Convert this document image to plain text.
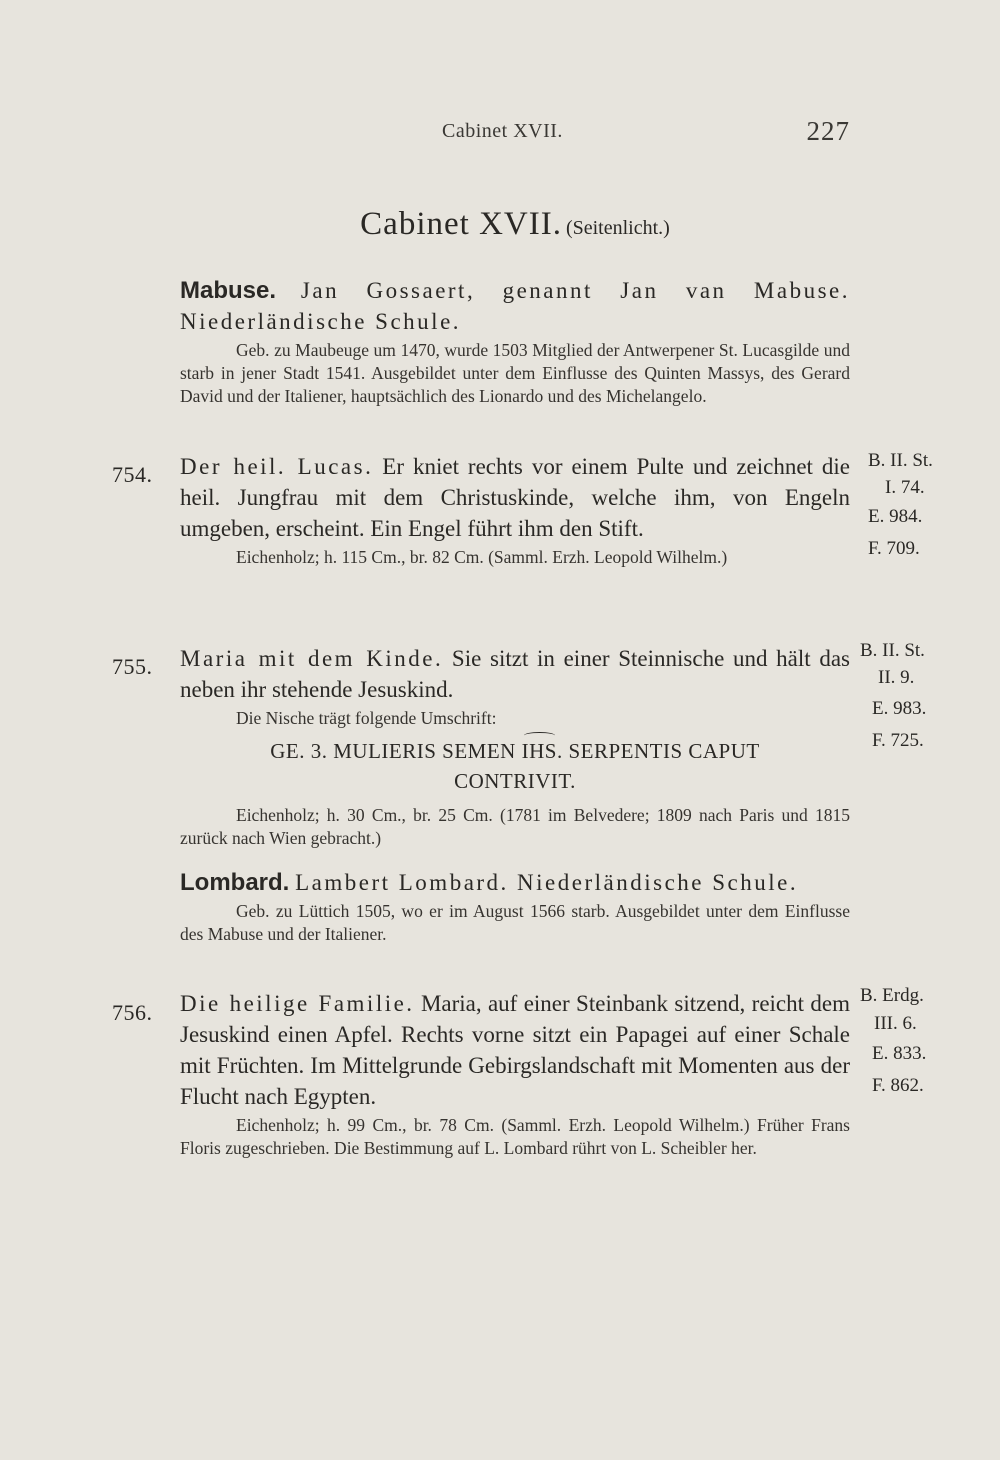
Cabinet XVII.	227
Cabinet XVII. (Seitenlicht.)

Mabuse. Jan Gossaert, genannt Jan van Mabuse. Niederländische Schule.

Geb. zu Maubeuge um 1470, wurde 1503 Mitglied der Antwerpener St. Lucasgilde und starb in jener Stadt 1541. Ausgebildet unter dem Einflusse des Quinten Massys, des Gerard David und der Italiener, hauptsächlich des Lionardo und des Michelangelo.

754. Der heil. Lucas. Er kniet rechts vor einem Pulte und zeichnet die heil. Jungfrau mit dem Christuskinde, welche ihm, von Engeln umgeben, erscheint. Ein Engel führt ihm den Stift.

Eichenholz; h. 115 Cm., br. 82 Cm. (Samml. Erzh. Leopold Wilhelm.)

B. II. St.
I. 74.
E. 984.
F. 709.
755. Maria mit dem Kinde. Sie sitzt in einer Steinnische und hält das neben ihr stehende Jesuskind.

Die Nische trägt folgende Umschrift:

GE. 3. MULIERIS SEMEN IHS. SERPENTIS CAPUT
CONTRIVIT.

Eichenholz; h. 30 Cm., br. 25 Cm. (1781 im Belvedere; 1809 nach Paris und 1815 zurück nach Wien gebracht.)

B. II. St.
II. 9.
E. 983.
F. 725.

Lombard. Lambert Lombard. Niederländische Schule.

Geb. zu Lüttich 1505, wo er im August 1566 starb. Ausgebildet unter dem Einflusse des Mabuse und der Italiener.

756. Die heilige Familie. Maria, auf einer Steinbank sitzend, reicht dem Jesuskind einen Apfel. Rechts vorne sitzt ein Papagei auf einer Schale mit Früchten. Im Mittelgrunde Gebirgslandschaft mit Momenten aus der Flucht nach Egypten.

Eichenholz; h. 99 Cm., br. 78 Cm. (Samml. Erzh. Leopold Wilhelm.) Früher Frans Floris zugeschrieben. Die Bestimmung auf L. Lombard rührt von L. Scheibler her.

B. Erdg.
III. 6.
E. 833.
F. 862.
